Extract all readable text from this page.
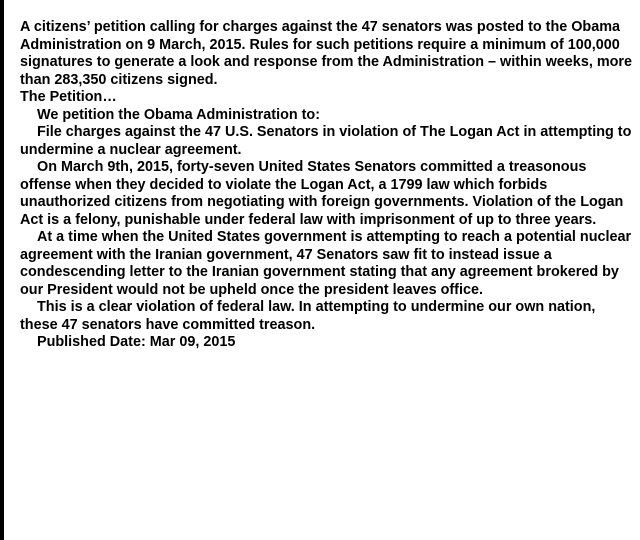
A citizens’ petition calling for charges against the 47 senators was posted to the Obama Administration on 9 March, 2015. Rules for such petitions require a minimum of 100,000 signatures to generate a look and response from the Administration – within weeks, more than 283,350 citizens signed.

The Petition…

We petition the Obama Administration to:

File charges against the 47 U.S. Senators in violation of The Logan Act in attempting to undermine a nuclear agreement.

On March 9th, 2015, forty-seven United States Senators committed a treasonous offense when they decided to violate the Logan Act, a 1799 law which forbids unauthorized citizens from negotiating with foreign governments. Violation of the Logan Act is a felony, punishable under federal law with imprisonment of up to three years.

At a time when the United States government is attempting to reach a potential nuclear agreement with the Iranian government, 47 Senators saw fit to instead issue a condescending letter to the Iranian government stating that any agreement brokered by our President would not be upheld once the president leaves office.

This is a clear violation of federal law. In attempting to undermine our own nation, these 47 senators have committed treason.

Published Date: Mar 09, 2015
